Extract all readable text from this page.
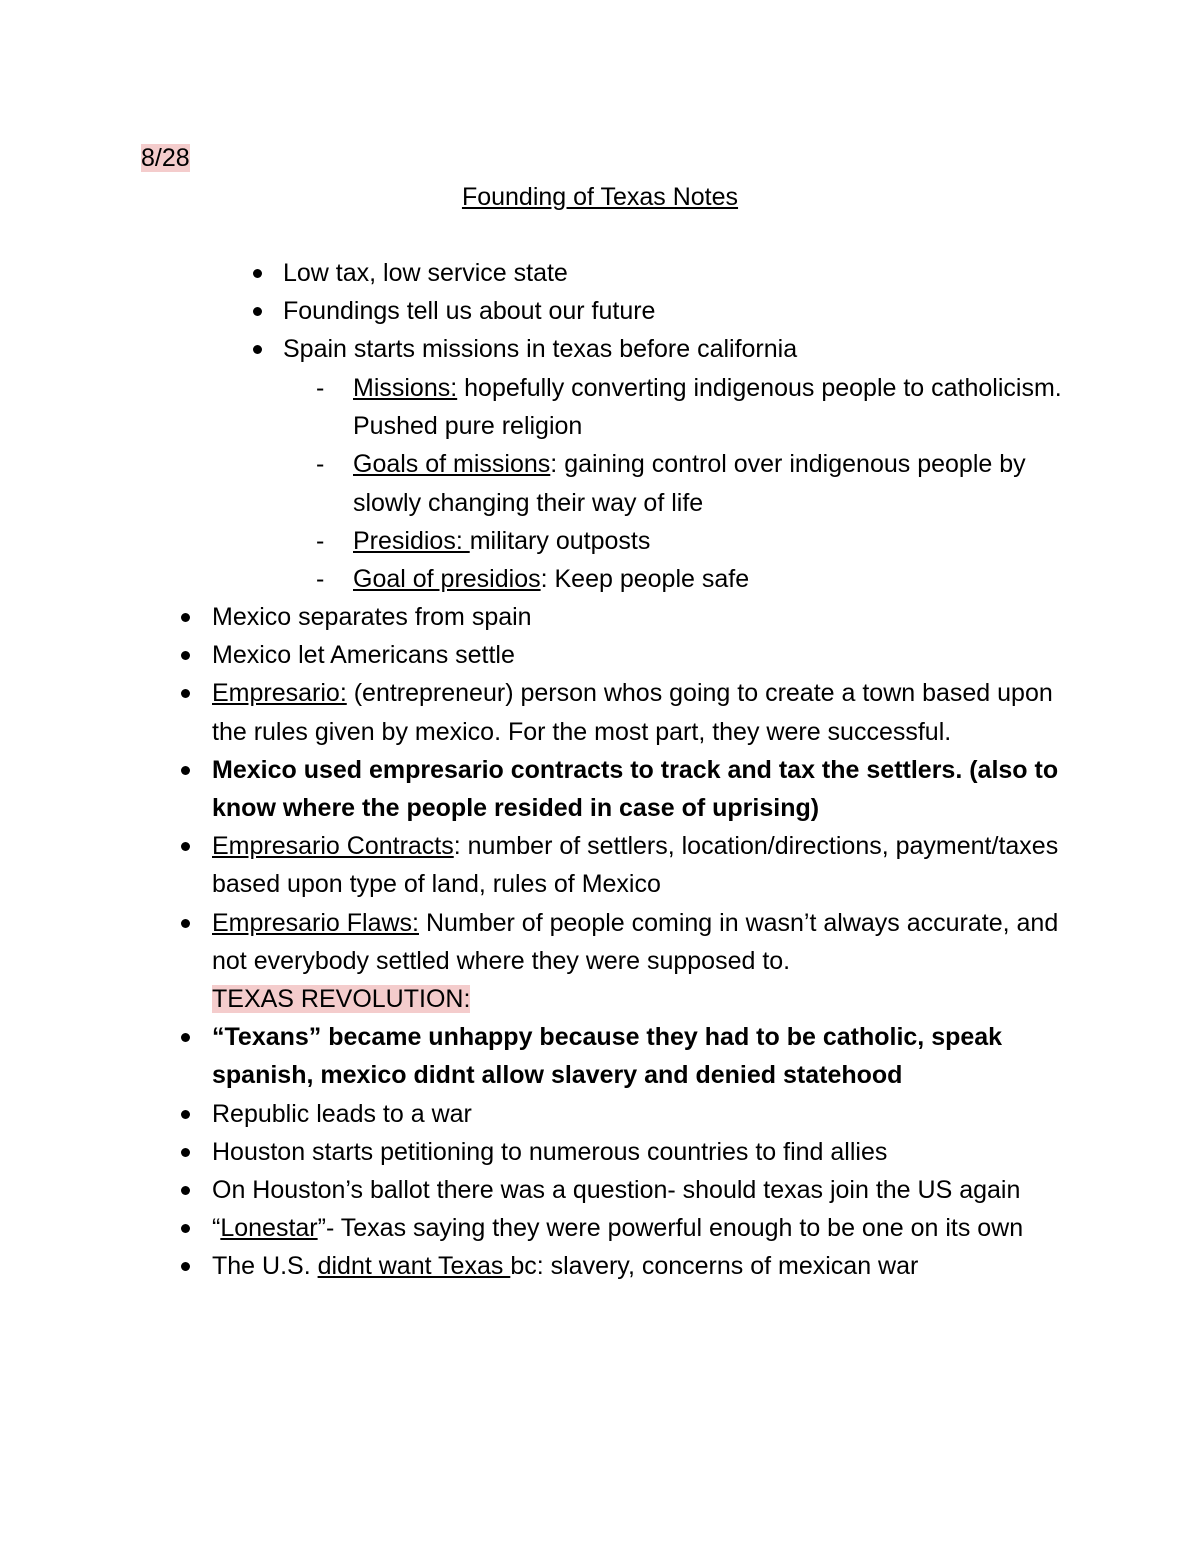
8/28
Founding of Texas Notes
Low tax, low service state
Foundings tell us about our future
Spain starts missions in texas before california
- Missions: hopefully converting indigenous people to catholicism. Pushed pure religion
- Goals of missions: gaining control over indigenous people by slowly changing their way of life
- Presidios: military outposts
- Goal of presidios: Keep people safe
Mexico separates from spain
Mexico let Americans settle
Empresario: (entrepreneur) person whos going to create a town based upon the rules given by mexico. For the most part, they were successful.
Mexico used empresario contracts to track and tax the settlers. (also to know where the people resided in case of uprising)
Empresario Contracts: number of settlers, location/directions, payment/taxes based upon type of land, rules of Mexico
Empresario Flaws: Number of people coming in wasn’t always accurate, and not everybody settled where they were supposed to.
TEXAS REVOLUTION:
“Texans” became unhappy because they had to be catholic, speak spanish, mexico didnt allow slavery and denied statehood
Republic leads to a war
Houston starts petitioning to numerous countries to find allies
On Houston’s ballot there was a question- should texas join the US again
“Lonestar”- Texas saying they were powerful enough to be one on its own
The U.S. didnt want Texas bc: slavery, concerns of mexican war
